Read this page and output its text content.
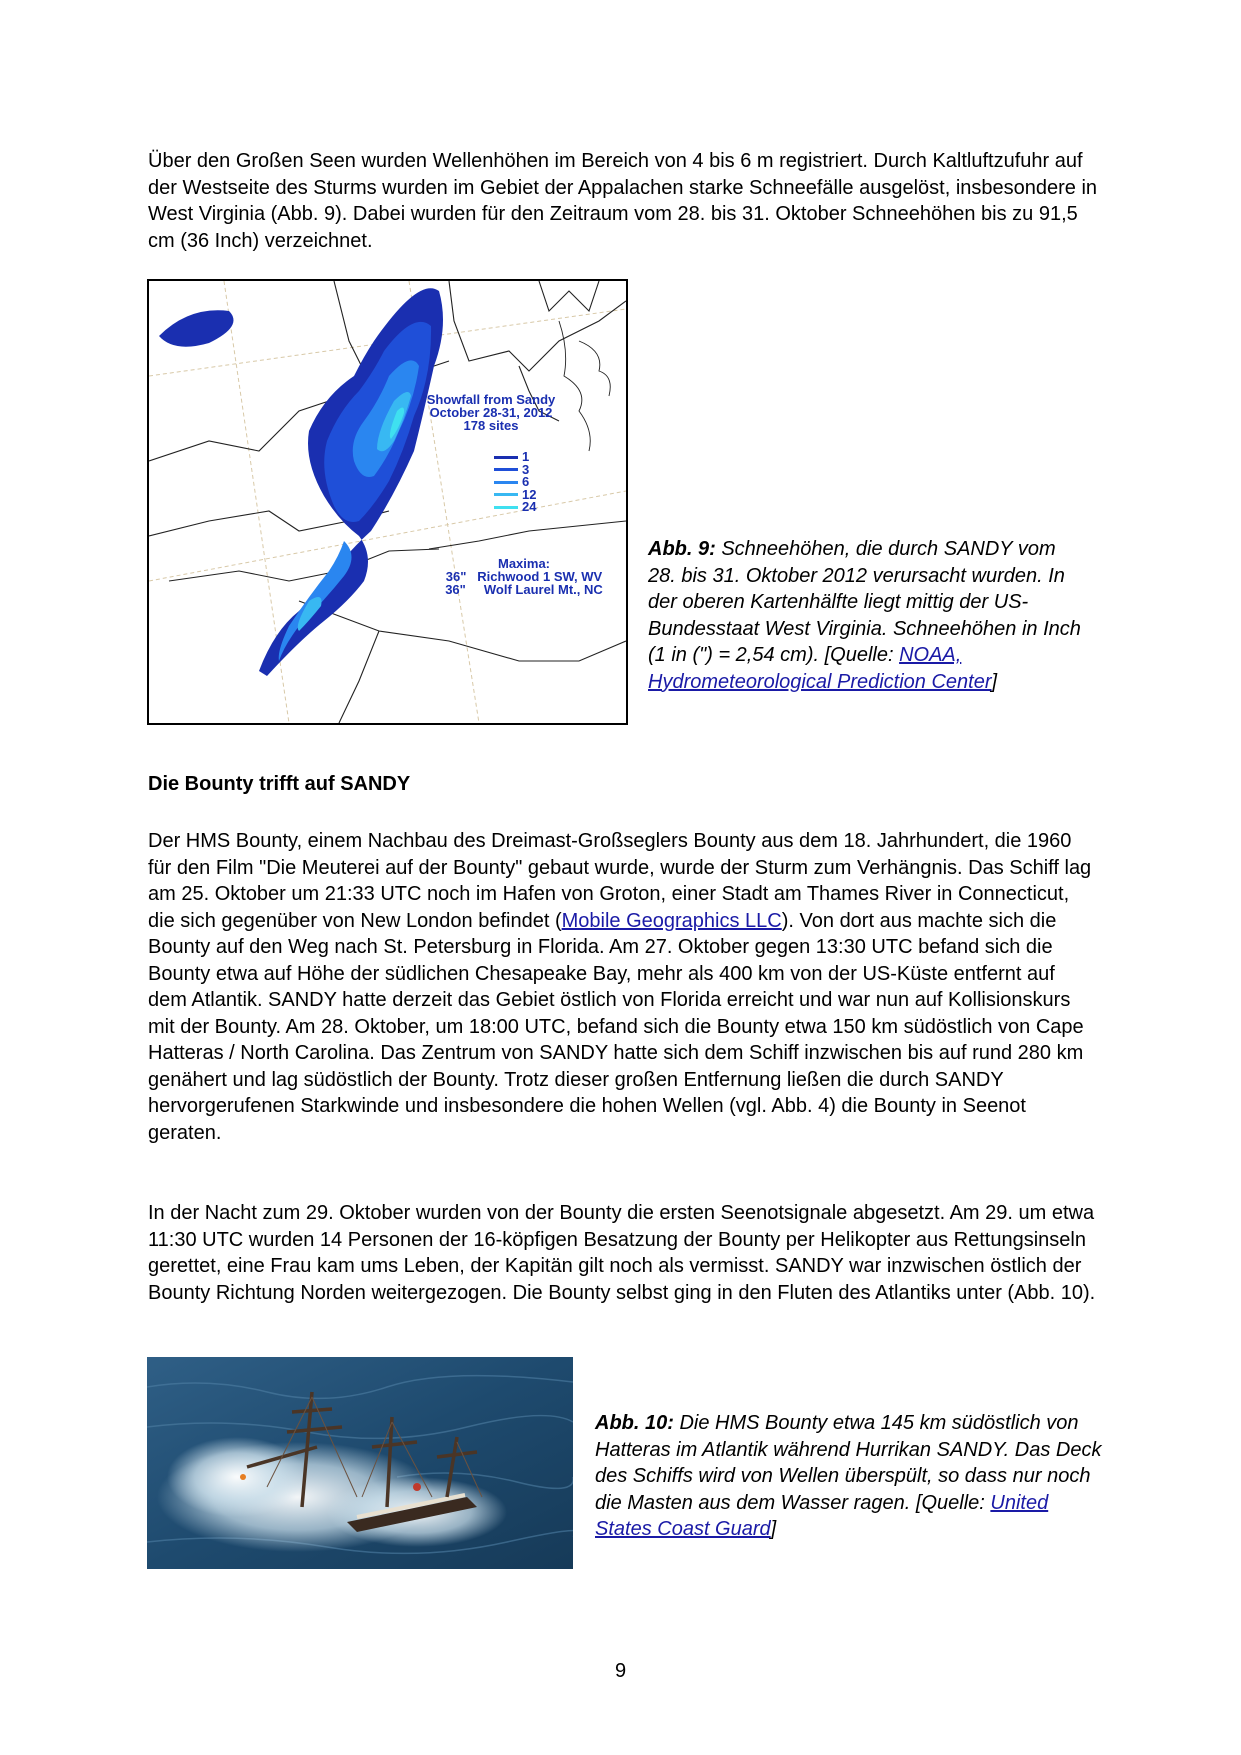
Über den Großen Seen wurden Wellenhöhen im Bereich von 4 bis 6 m registriert. Durch Kaltluftzufuhr auf der Westseite des Sturms wurden im Gebiet der Appalachen starke Schneefälle ausgelöst, insbesondere in West Virginia (Abb. 9). Dabei wurden für den Zeitraum vom 28. bis 31. Oktober Schneehöhen bis zu 91,5 cm (36 Inch) verzeichnet.

Showfall from Sandy
October 28-31, 2012
178 sites
1
3
6
12
24
Maxima:
36"   Richwood 1 SW, WV
36"     Wolf Laurel Mt., NC

Abb. 9: Schneehöhen, die durch SANDY vom 28. bis 31. Oktober 2012 verursacht wurden. In der oberen Kartenhälfte liegt mittig der US-Bundesstaat West Virginia. Schneehöhen in Inch (1 in (") = 2,54 cm). [Quelle: NOAA, Hydrometeorological Prediction Center]

Die Bounty trifft auf SANDY

Der HMS Bounty, einem Nachbau des Dreimast-Großseglers Bounty aus dem 18. Jahrhundert, die 1960 für den Film "Die Meuterei auf der Bounty" gebaut wurde, wurde der Sturm zum Verhängnis. Das Schiff lag am 25. Oktober um 21:33 UTC noch im Hafen von Groton, einer Stadt am Thames River in Connecticut, die sich gegenüber von New London befindet (Mobile Geographics LLC). Von dort aus machte sich die Bounty auf den Weg nach St. Petersburg in Florida. Am 27. Oktober gegen 13:30 UTC befand sich die Bounty etwa auf Höhe der südlichen Chesapeake Bay, mehr als 400 km von der US-Küste entfernt auf dem Atlantik. SANDY hatte derzeit das Gebiet östlich von Florida erreicht und war nun auf Kollisionskurs mit der Bounty. Am 28. Oktober, um 18:00 UTC, befand sich die Bounty etwa 150 km südöstlich von Cape Hatteras / North Carolina. Das Zentrum von SANDY hatte sich dem Schiff inzwischen bis auf rund 280 km genähert und lag südöstlich der Bounty. Trotz dieser großen Entfernung ließen die durch SANDY hervorgerufenen Starkwinde und insbesondere die hohen Wellen (vgl. Abb. 4) die Bounty in Seenot geraten.

In der Nacht zum 29. Oktober wurden von der Bounty die ersten Seenotsignale abgesetzt. Am 29. um etwa 11:30 UTC wurden 14 Personen der 16-köpfigen Besatzung der Bounty per Helikopter aus Rettungsinseln gerettet, eine Frau kam ums Leben, der Kapitän gilt noch als vermisst. SANDY war inzwischen östlich der Bounty Richtung Norden weitergezogen. Die Bounty selbst ging in den Fluten des Atlantiks unter (Abb. 10).

Abb. 10: Die HMS Bounty etwa 145 km südöstlich von Hatteras im Atlantik während Hurrikan SANDY. Das Deck des Schiffs wird von Wellen überspült, so dass nur noch die Masten aus dem Wasser ragen. [Quelle: United States Coast Guard]

9
